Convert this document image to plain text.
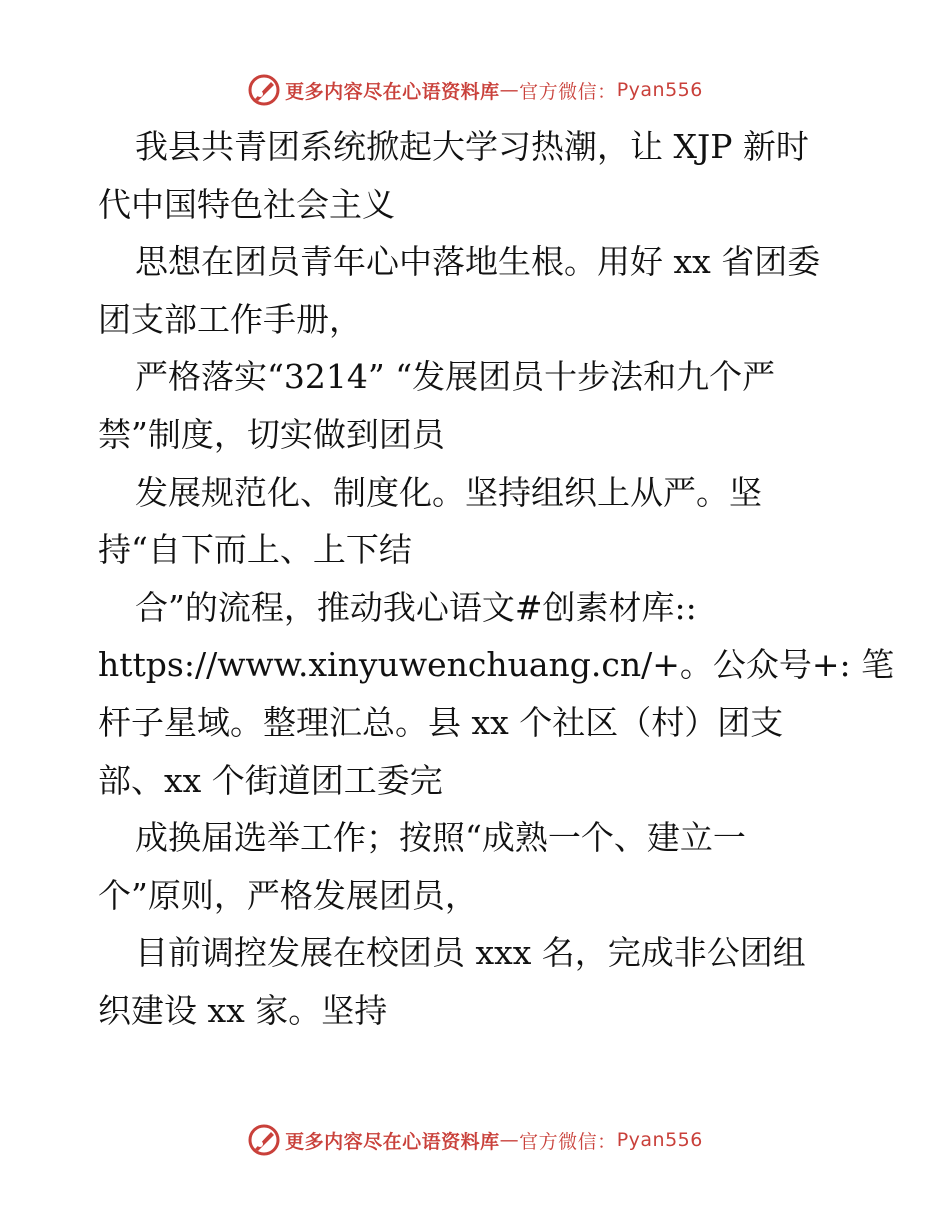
更多内容尽在心语资料库 — 官方微信： Pyan556
我县共青团系统掀起大学习热潮，让 XJP 新时
代中国特色社会主义
思想在团员青年心中落地生根。用好 xx 省团委
团支部工作手册，
严格落实“3214” “发展团员十步法和九个严
禁”制度，切实做到团员
发展规范化、制度化。坚持组织上从严。坚
持“自下而上、上下结
合”的流程，推动我心语文#创素材库::
https://www.xinyuwenchuang.cn/+。公众号+: 笔
杆子星域。整理汇总。县 xx 个社区（村）团支
部、xx 个街道团工委完
成换届选举工作；按照“成熟一个、建立一
个”原则，严格发展团员，
目前调控发展在校团员 xxx 名，完成非公团组
织建设 xx 家。坚持
更多内容尽在心语资料库 — 官方微信： Pyan556
